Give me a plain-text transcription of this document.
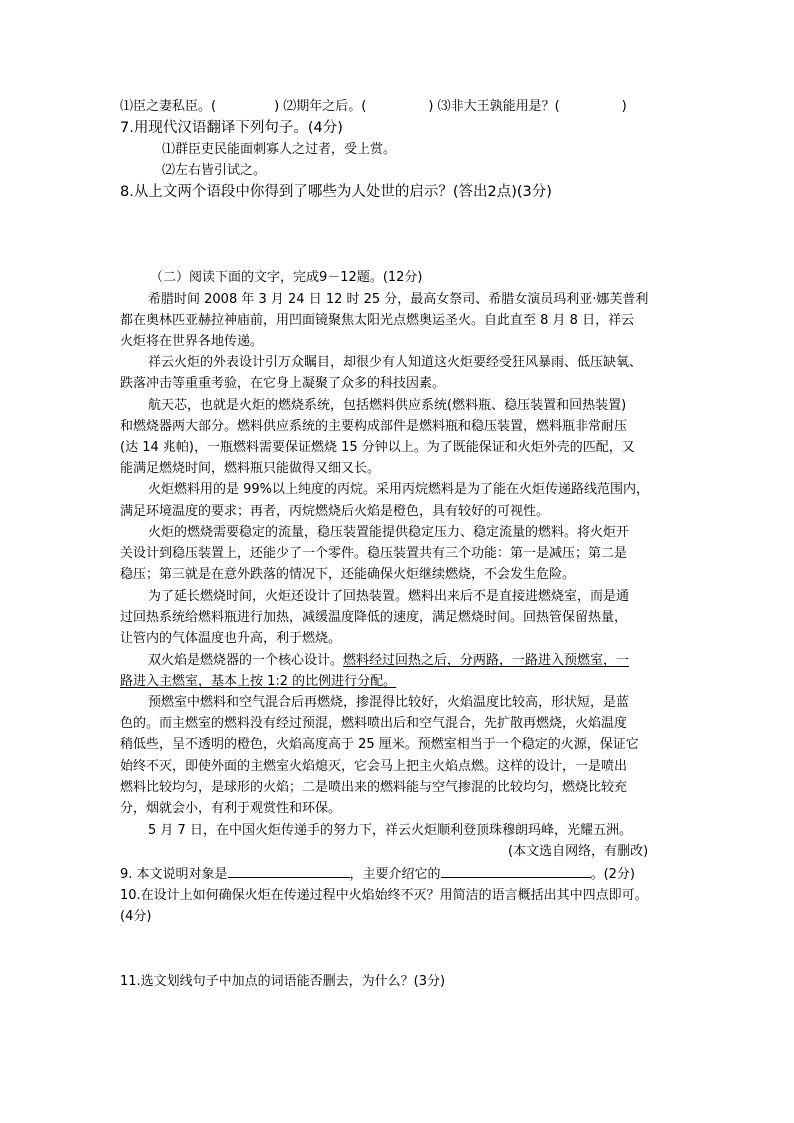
⑴臣之妻私臣。(	) ⑵期年之后。(	) ⑶非大王孰能用是？(	)
7.用现代汉语翻译下列句子。(4分)
⑴群臣吏民能面刺寡人之过者，受上赏。
⑵左右皆引试之。
8.从上文两个语段中你得到了哪些为人处世的启示？(答出2点)(3分)
（二）阅读下面的文字，完成9－12题。(12分)
希腊时间 2008 年 3 月 24 日 12 时 25 分，最高女祭司、希腊女演员玛利亚·娜芙普利
都在奥林匹亚赫拉神庙前，用凹面镜聚焦太阳光点燃奥运圣火。自此直至 8 月 8 日，祥云
火炬将在世界各地传递。
祥云火炬的外表设计引万众瞩目，却很少有人知道这火炬要经受狂风暴雨、低压缺氧、
跌落冲击等重重考验，在它身上凝聚了众多的科技因素。
航天芯，也就是火炬的燃烧系统，包括燃料供应系统(燃料瓶、稳压装置和回热装置)
和燃烧器两大部分。燃料供应系统的主要构成部件是燃料瓶和稳压装置，燃料瓶非常耐压
(达 14 兆帕)，一瓶燃料需要保证燃烧 15 分钟以上。为了既能保证和火炬外壳的匹配，又
能满足燃烧时间，燃料瓶只能做得又细又长。
火炬燃料用的是 99%以上纯度的丙烷。采用丙烷燃料是为了能在火炬传递路线范围内，
满足环境温度的要求；再者，丙烷燃烧后火焰是橙色，具有较好的可视性。
火炬的燃烧需要稳定的流量，稳压装置能提供稳定压力、稳定流量的燃料。将火炬开
关设计到稳压装置上，还能少了一个零件。稳压装置共有三个功能：第一是减压；第二是
稳压；第三就是在意外跌落的情况下，还能确保火炬继续燃烧，不会发生危险。
为了延长燃烧时间，火炬还设计了回热装置。燃料出来后不是直接进燃烧室，而是通
过回热系统给燃料瓶进行加热，减缓温度降低的速度，满足燃烧时间。回热管保留热量，
让管内的气体温度也升高，利于燃烧。
双火焰是燃烧器的一个核心设计。燃料经过回热之后，分两路，一路进入预燃室，一
路进入主燃室，基本上按 1:2 的比例进行分配。
预燃室中燃料和空气混合后再燃烧，掺混得比较好，火焰温度比较高，形状短，是蓝
色的。而主燃室的燃料没有经过预混，燃料喷出后和空气混合，先扩散再燃烧，火焰温度
稍低些，呈不透明的橙色，火焰高度高于 25 厘米。预燃室相当于一个稳定的火源，保证它
始终不灭，即使外面的主燃室火焰熄灭，它会马上把主火焰点燃。这样的设计，一是喷出
燃料比较均匀，是球形的火焰；二是喷出来的燃料能与空气掺混的比较均匀，燃烧比较充
分，烟就会小，有利于观赏性和环保。
5 月 7 日，在中国火炬传递手的努力下，祥云火炬顺利登顶珠穆朗玛峰，光耀五洲。
(本文选自网络，有删改)
9. 本文说明对象是	，主要介绍它的	。(2分)
10.在设计上如何确保火炬在传递过程中火焰始终不灭？用简洁的语言概括出其中四点即可。
(4分)
11.选文划线句子中加点的词语能否删去，为什么？(3分)
